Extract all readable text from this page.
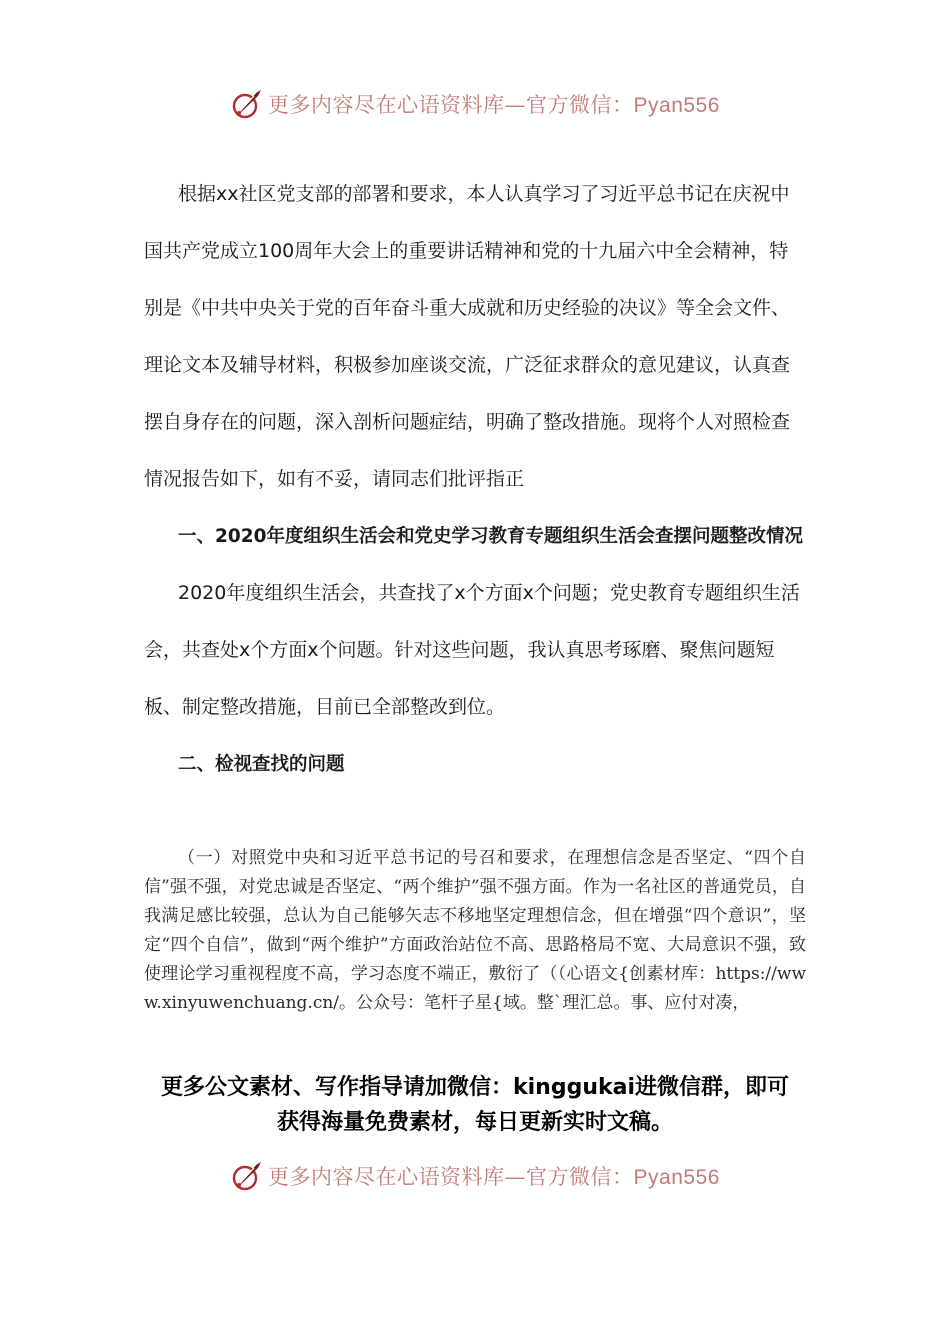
更多内容尽在心语资料库—官方微信：Pyan556

根据xx社区党支部的部署和要求，本人认真学习了习近平总书记在庆祝中国共产党成立100周年大会上的重要讲话精神和党的十九届六中全会精神，特别是《中共中央关于党的百年奋斗重大成就和历史经验的决议》等全会文件、理论文本及辅导材料，积极参加座谈交流，广泛征求群众的意见建议，认真查摆自身存在的问题，深入剖析问题症结，明确了整改措施。现将个人对照检查情况报告如下，如有不妥，请同志们批评指正

一、2020年度组织生活会和党史学习教育专题组织生活会查摆问题整改情况

2020年度组织生活会，共查找了x个方面x个问题；党史教育专题组织生活会，共查处x个方面x个问题。针对这些问题，我认真思考琢磨、聚焦问题短板、制定整改措施，目前已全部整改到位。

二、检视查找的问题

（一）对照党中央和习近平总书记的号召和要求，在理想信念是否坚定、“四个自信”强不强，对党忠诚是否坚定、“两个维护”强不强方面。作为一名社区的普通党员，自我满足感比较强，总认为自己能够矢志不移地坚定理想信念，但在增强“四个意识”，坚定“四个自信”，做到“两个维护”方面政治站位不高、思路格局不宽、大局意识不强，致使理论学习重视程度不高，学习态度不端正，敷衍了（（心语文{创素材库：https://www.xinyuwenchuang.cn/。公众号：笔杆子星{域。整`理汇总。事、应付对凑，

更多公文素材、写作指导请加微信：kinggukai进微信群，即可
获得海量免费素材，每日更新实时文稿。
更多内容尽在心语资料库—官方微信：Pyan556
